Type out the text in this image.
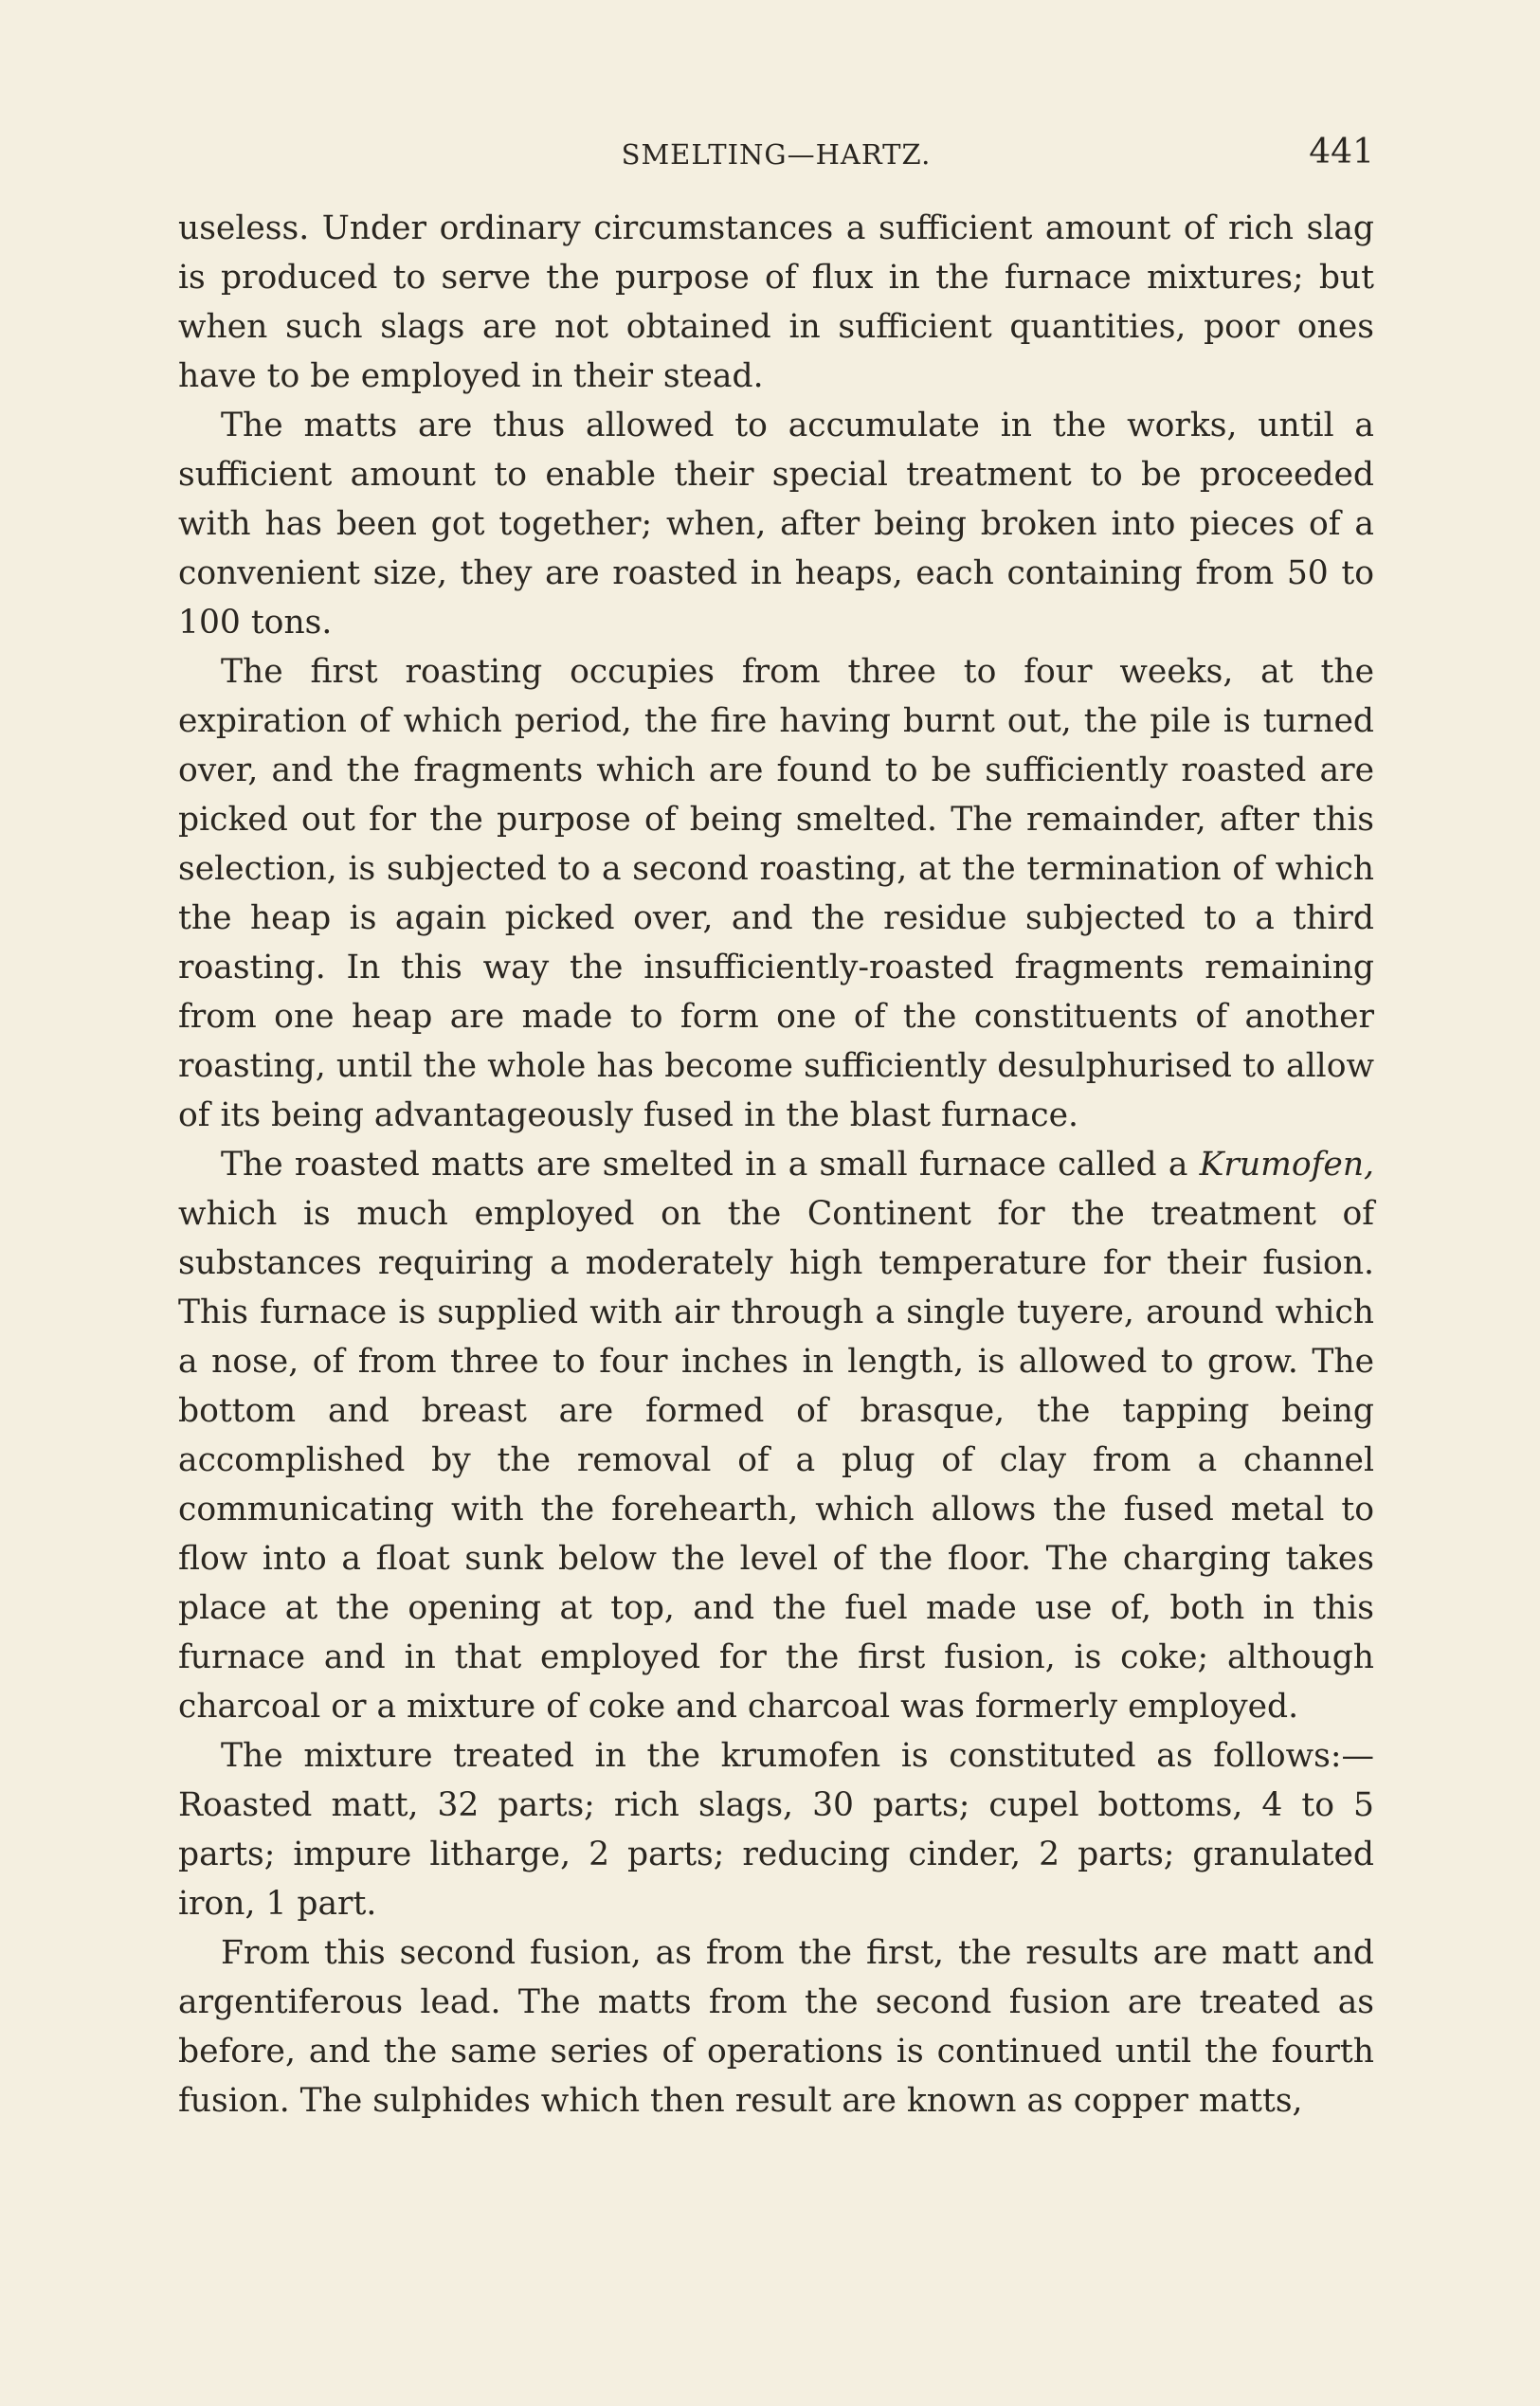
SMELTING—HARTZ.	441

useless. Under ordinary circumstances a sufficient amount of rich slag is produced to serve the purpose of flux in the furnace mixtures; but when such slags are not obtained in sufficient quantities, poor ones have to be employed in their stead.

The matts are thus allowed to accumulate in the works, until a sufficient amount to enable their special treatment to be proceeded with has been got together; when, after being broken into pieces of a convenient size, they are roasted in heaps, each containing from 50 to 100 tons.

The first roasting occupies from three to four weeks, at the expiration of which period, the fire having burnt out, the pile is turned over, and the fragments which are found to be sufficiently roasted are picked out for the purpose of being smelted. The remainder, after this selection, is subjected to a second roasting, at the termination of which the heap is again picked over, and the residue subjected to a third roasting. In this way the insufficiently-roasted fragments remaining from one heap are made to form one of the constituents of another roasting, until the whole has become sufficiently desulphurised to allow of its being advantageously fused in the blast furnace.

The roasted matts are smelted in a small furnace called a Krumofen, which is much employed on the Continent for the treatment of substances requiring a moderately high temperature for their fusion. This furnace is supplied with air through a single tuyere, around which a nose, of from three to four inches in length, is allowed to grow. The bottom and breast are formed of brasque, the tapping being accomplished by the removal of a plug of clay from a channel communicating with the forehearth, which allows the fused metal to flow into a float sunk below the level of the floor. The charging takes place at the opening at top, and the fuel made use of, both in this furnace and in that employed for the first fusion, is coke; although charcoal or a mixture of coke and charcoal was formerly employed.

The mixture treated in the krumofen is constituted as follows:— Roasted matt, 32 parts; rich slags, 30 parts; cupel bottoms, 4 to 5 parts; impure litharge, 2 parts; reducing cinder, 2 parts; granulated iron, 1 part.

From this second fusion, as from the first, the results are matt and argentiferous lead. The matts from the second fusion are treated as before, and the same series of operations is continued until the fourth fusion. The sulphides which then result are known as copper matts,
